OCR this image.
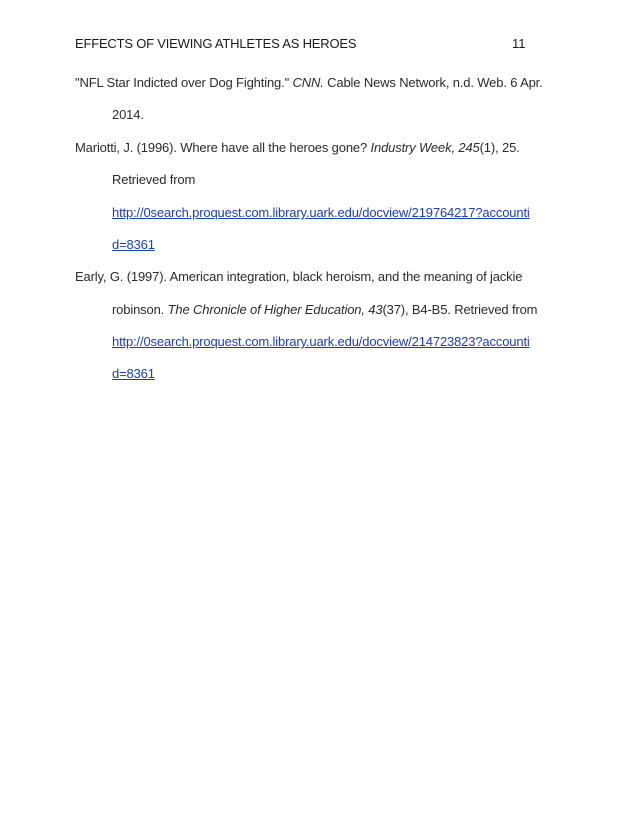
EFFECTS OF VIEWING ATHLETES AS HEROES	11
"NFL Star Indicted over Dog Fighting." CNN. Cable News Network, n.d. Web. 6 Apr.
2014.
Mariotti, J. (1996). Where have all the heroes gone? Industry Week, 245(1), 25.
Retrieved from
http://0search.proquest.com.library.uark.edu/docview/219764217?accounti
d=8361
Early, G. (1997). American integration, black heroism, and the meaning of jackie
robinson. The Chronicle of Higher Education, 43(37), B4-B5. Retrieved from
http://0search.proquest.com.library.uark.edu/docview/214723823?accounti
d=8361
